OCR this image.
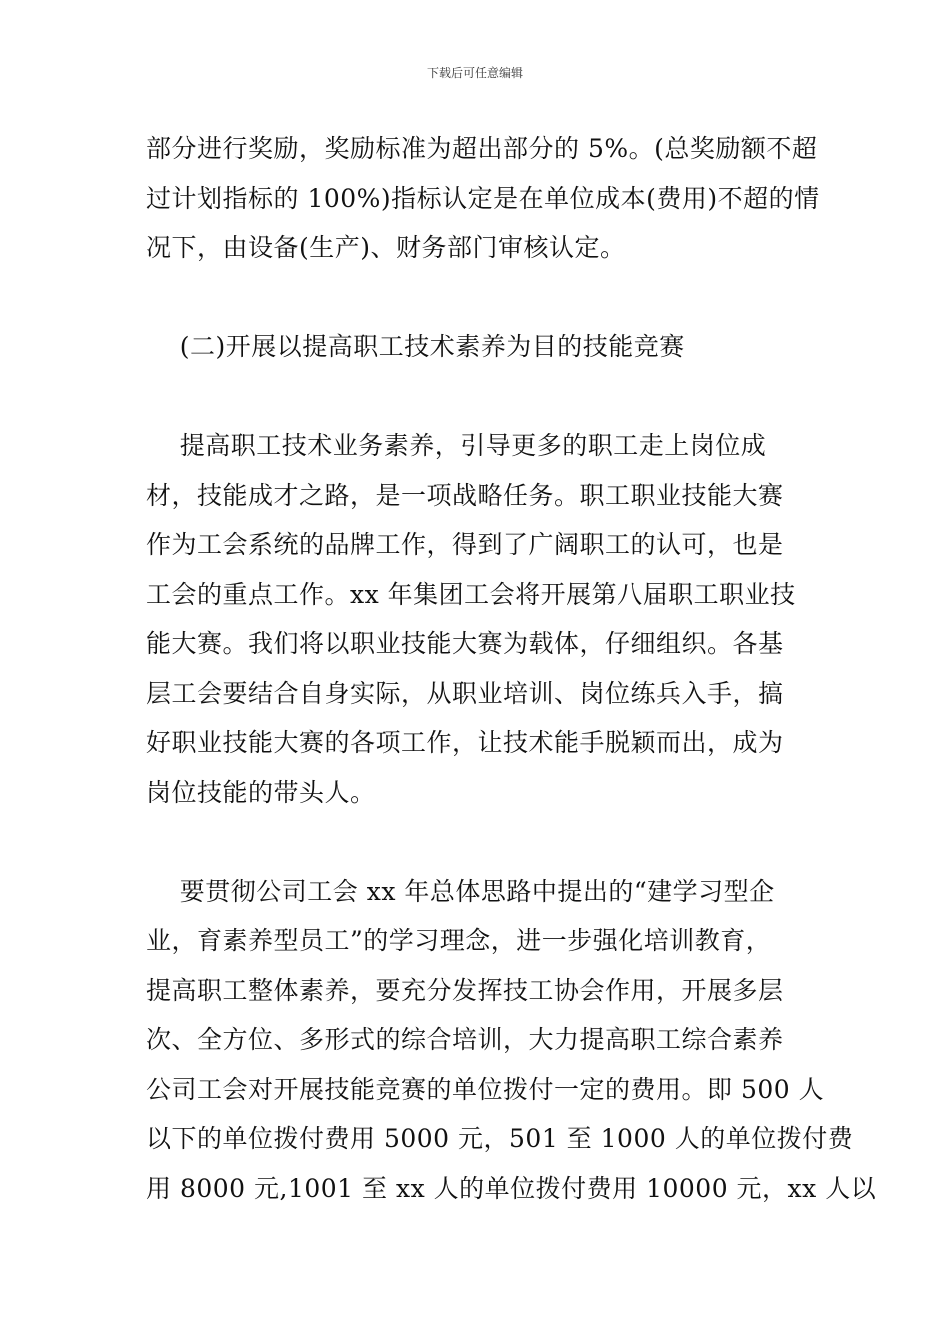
下载后可任意编辑
部分进行奖励，奖励标准为超出部分的 5%。(总奖励额不超
过计划指标的 100%)指标认定是在单位成本(费用)不超的情
况下，由设备(生产)、财务部门审核认定。
(二)开展以提高职工技术素养为目的技能竞赛
提高职工技术业务素养，引导更多的职工走上岗位成
材，技能成才之路，是一项战略任务。职工职业技能大赛
作为工会系统的品牌工作，得到了广阔职工的认可，也是
工会的重点工作。xx 年集团工会将开展第八届职工职业技
能大赛。我们将以职业技能大赛为载体，仔细组织。各基
层工会要结合自身实际，从职业培训、岗位练兵入手，搞
好职业技能大赛的各项工作，让技术能手脱颖而出，成为
岗位技能的带头人。
要贯彻公司工会 xx 年总体思路中提出的“建学习型企
业，育素养型员工”的学习理念，进一步强化培训教育，
提高职工整体素养，要充分发挥技工协会作用，开展多层
次、全方位、多形式的综合培训，大力提高职工综合素养
公司工会对开展技能竞赛的单位拨付一定的费用。即 500 人
以下的单位拨付费用 5000 元，501 至 1000 人的单位拨付费
用 8000 元,1001 至 xx 人的单位拨付费用 10000 元，xx 人以
